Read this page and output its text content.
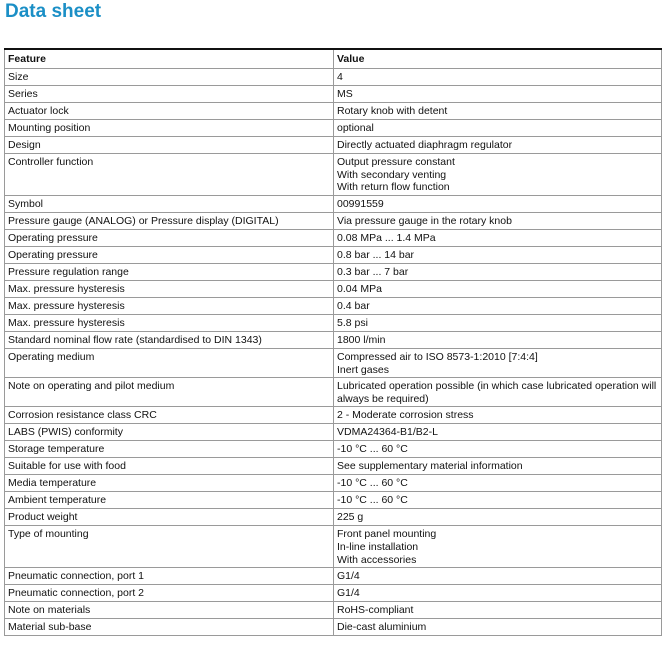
Data sheet
Feature	Value
Size	4

Series	MS

Actuator lock	Rotary knob with detent

Mounting position	optional

Design	Directly actuated diaphragm regulator

Controller function	Output pressure constant
With secondary venting
With return flow function

Symbol	00991559

Pressure gauge (ANALOG) or Pressure display (DIGITAL)	Via pressure gauge in the rotary knob

Operating pressure	0.08 MPa ... 1.4 MPa

Operating pressure	0.8 bar ... 14 bar

Pressure regulation range	0.3 bar ... 7 bar

Max. pressure hysteresis	0.04 MPa

Max. pressure hysteresis	0.4 bar

Max. pressure hysteresis	5.8 psi

Standard nominal flow rate (standardised to DIN 1343)	1800 l/min

Operating medium	Compressed air to ISO 8573-1:2010 [7:4:4]
Inert gases

Note on operating and pilot medium	Lubricated operation possible (in which case lubricated operation will always be required)

Corrosion resistance class CRC	2 - Moderate corrosion stress

LABS (PWIS) conformity	VDMA24364-B1/B2-L

Storage temperature	-10 °C ... 60 °C

Suitable for use with food	See supplementary material information

Media temperature	-10 °C ... 60 °C

Ambient temperature	-10 °C ... 60 °C

Product weight	225 g

Type of mounting	Front panel mounting
In-line installation
With accessories

Pneumatic connection, port 1	G1/4

Pneumatic connection, port 2	G1/4

Note on materials	RoHS-compliant

Material sub-base	Die-cast aluminium
